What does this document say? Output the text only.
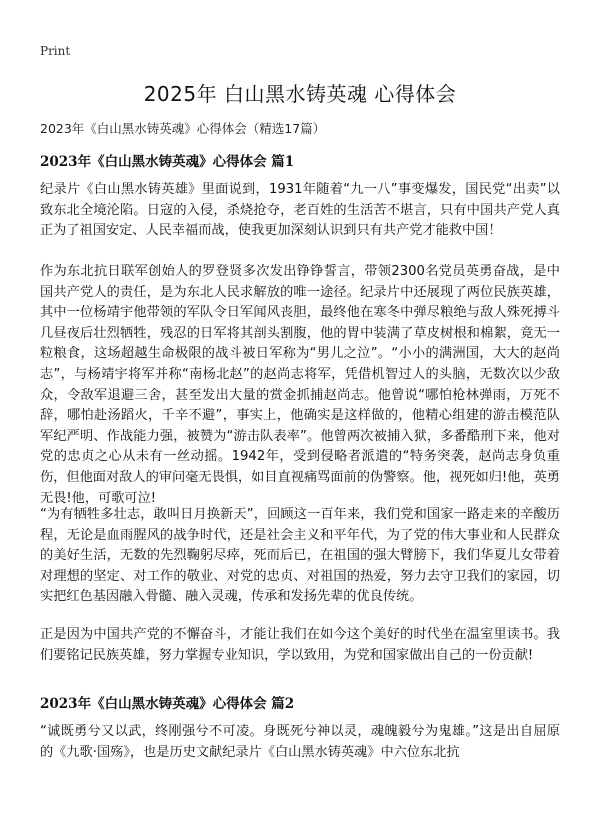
Print
2025年 白山黑水铸英魂 心得体会
2023年《白山黑水铸英魂》心得体会（精选17篇）
2023年《白山黑水铸英魂》心得体会 篇1

纪录片《白山黑水铸英雄》里面说到，1931年随着“九一八”事变爆发，国民党“出卖”以致东北全境沦陷。日寇的入侵，杀烧抢夺，老百姓的生活苦不堪言，只有中国共产党人真正为了祖国安定、人民幸福而战，使我更加深刻认识到只有共产党才能救中国！

作为东北抗日联军创始人的罗登贤多次发出铮铮誓言，带领2300名党员英勇奋战，是中国共产党人的责任，是为东北人民求解放的唯一途径。纪录片中还展现了两位民族英雄，其中一位杨靖宇他带领的军队令日军闻风丧胆，最终他在寒冬中弹尽粮绝与敌人殊死搏斗几昼夜后壮烈牺牲，残忍的日军将其剖头割腹，他的胃中装满了草皮树根和棉絮，竟无一粒粮食，这场超越生命极限的战斗被日军称为“男儿之泣”。“小小的满洲国，大大的赵尚志”，与杨靖宇将军并称“南杨北赵”的赵尚志将军，凭借机智过人的头脑，无数次以少敌众，令敌军退避三舍，甚至发出大量的赏金抓捕赵尚志。他曾说“哪怕枪林弹雨，万死不辞，哪怕赴汤蹈火，千辛不避”，事实上，他确实是这样做的，他精心组建的游击模范队军纪严明、作战能力强，被赞为“游击队表率”。他曾两次被捕入狱，多番酷刑下来，他对党的忠贞之心从未有一丝动摇。1942年，受到侵略者派遣的“特务突袭，赵尚志身负重伤，但他面对敌人的审问毫无畏惧，如目直视痛骂面前的伪警察。他，视死如归!他，英勇无畏!他，可歌可泣!

“为有牺牲多壮志，敢叫日月换新天”，回顾这一百年来，我们党和国家一路走来的辛酸历程，无论是血雨腥风的战争时代，还是社会主义和平年代，为了党的伟大事业和人民群众的美好生活，无数的先烈鞠躬尽瘁，死而后已，在祖国的强大臂膀下，我们华夏儿女带着对理想的坚定、对工作的敬业、对党的忠贞、对祖国的热爱，努力去守卫我们的家园，切实把红色基因融入骨髓、融入灵魂，传承和发扬先辈的优良传统。

正是因为中国共产党的不懈奋斗，才能让我们在如今这个美好的时代坐在温室里读书。我们要铭记民族英雄，努力掌握专业知识，学以致用，为党和国家做出自己的一份贡献!

2023年《白山黑水铸英魂》心得体会 篇2

“诚既勇兮又以武，终刚强兮不可凌。身既死兮神以灵，魂魄毅兮为鬼雄。”这是出自屈原的《九歌·国殇》，也是历史文献纪录片《白山黑水铸英魂》中六位东北抗
